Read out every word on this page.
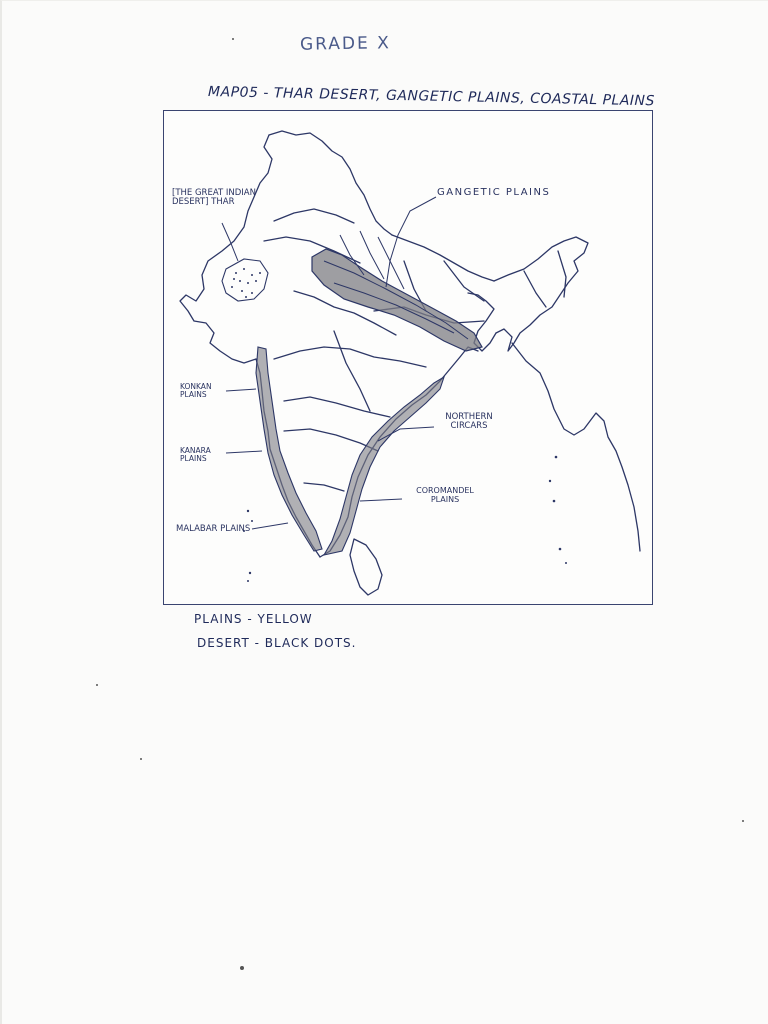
GRADE X
MAP05 - THAR DESERT, GANGETIC PLAINS, COASTAL PLAINS
[THE GREAT INDIAN DESERT] THAR
GANGETIC PLAINS
KONKAN PLAINS
KANARA PLAINS
NORTHERN CIRCARS
COROMANDEL PLAINS
MALABAR PLAINS
PLAINS - YELLOW
DESERT - BLACK DOTS.
